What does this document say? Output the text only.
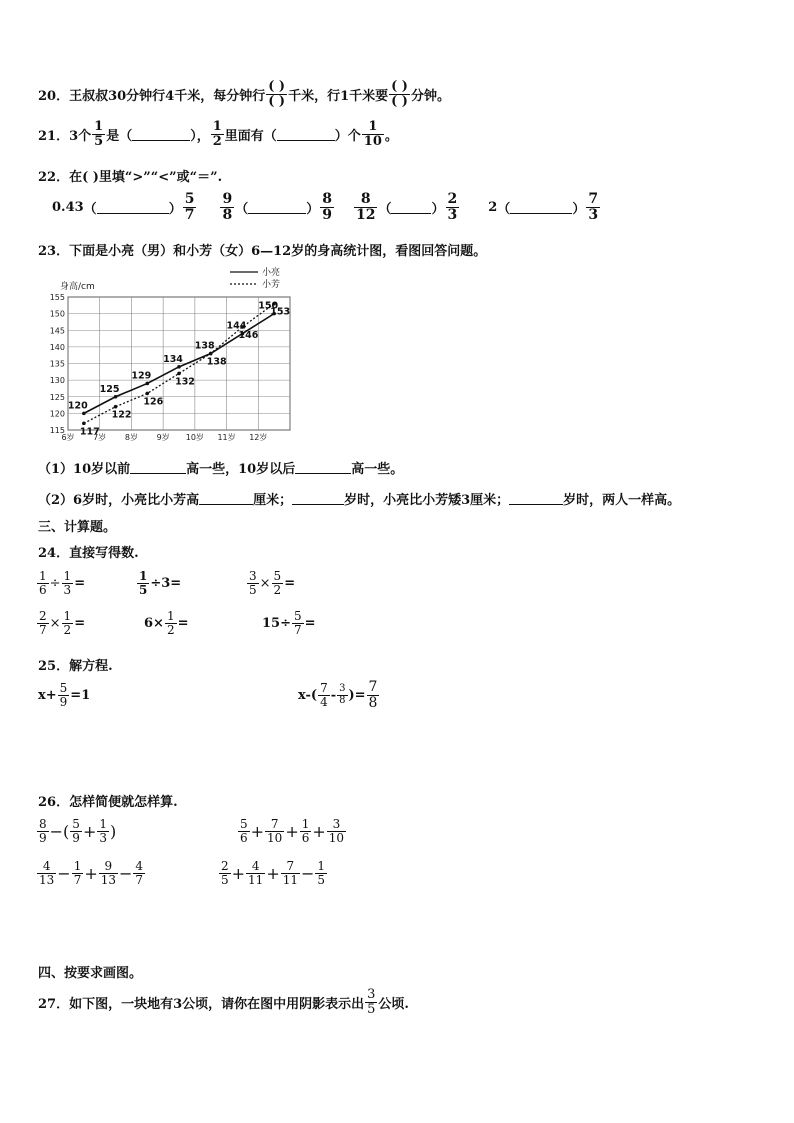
20． 王叔叔30分钟行4千米，每分钟行 $\frac{( )}{( )}$ 千米，行1千米要 $\frac{( )}{( )}$ 分钟。
21． 3个 $\frac{1}{5}$ 是（	）， $\frac{1}{2}$ 里面有（	）个 $\frac{1}{10}$ 。
22．在( )里填“>”“<”或“＝”.
0.43 （	） $\frac{5}{7} \frac{9}{8}$ （	） $\frac{8}{9} \frac{8}{12}$ （	） $\frac{2}{3} 2$ （	） $\frac{7}{3}$
23．下面是小亮（男）和小芳（女）6—12岁的身高统计图，看图回答问题。
115
120
125
130
135
140
145
150
155
6岁 7岁 8岁 9岁 10岁 11岁 12岁
120
125
129
134
138
144
150
117
122
126
132
138
146
153
小亮
小芳
身高/cm
（1）10岁以前	高一些，10岁以后	高一些。
（2）6岁时，小亮比小芳高	厘米；	岁时，小亮比小芳矮3厘米；	岁时，两人一样高。
三、计算题。
24．直接写得数.
$\frac{1}{6} \div \frac{1}{3}$ =	$\frac{1}{5} \div 3=$	$\frac{3}{5} \times \frac{5}{2}$ =
$\frac{2}{7} \times \frac{1}{2}$ =	$6\times \frac{1}{2}$ =	$15\div \frac{5}{7}$ =
25．解方程.
$x+ \frac{5}{9} =1$	$x-( \frac{7}{4} - \frac{3}{8}$ )= $\frac{7}{8}$
26．怎样简便就怎样算.
$\frac{8}{9}$ −( $\frac{5}{9} + \frac{1}{3}$ )	$\frac{5}{6} + \frac{7}{10} + \frac{1}{6} + \frac{3}{10}$
$\frac{4}{13} - \frac{1}{7} + \frac{9}{13} - \frac{4}{7}$	$\frac{2}{5} + \frac{4}{11} + \frac{7}{11} - \frac{1}{5}$
四、按要求画图。
27． 如下图，一块地有3公顷，请你在图中用阴影表示出 $\frac{3}{5}$ 公顷.
